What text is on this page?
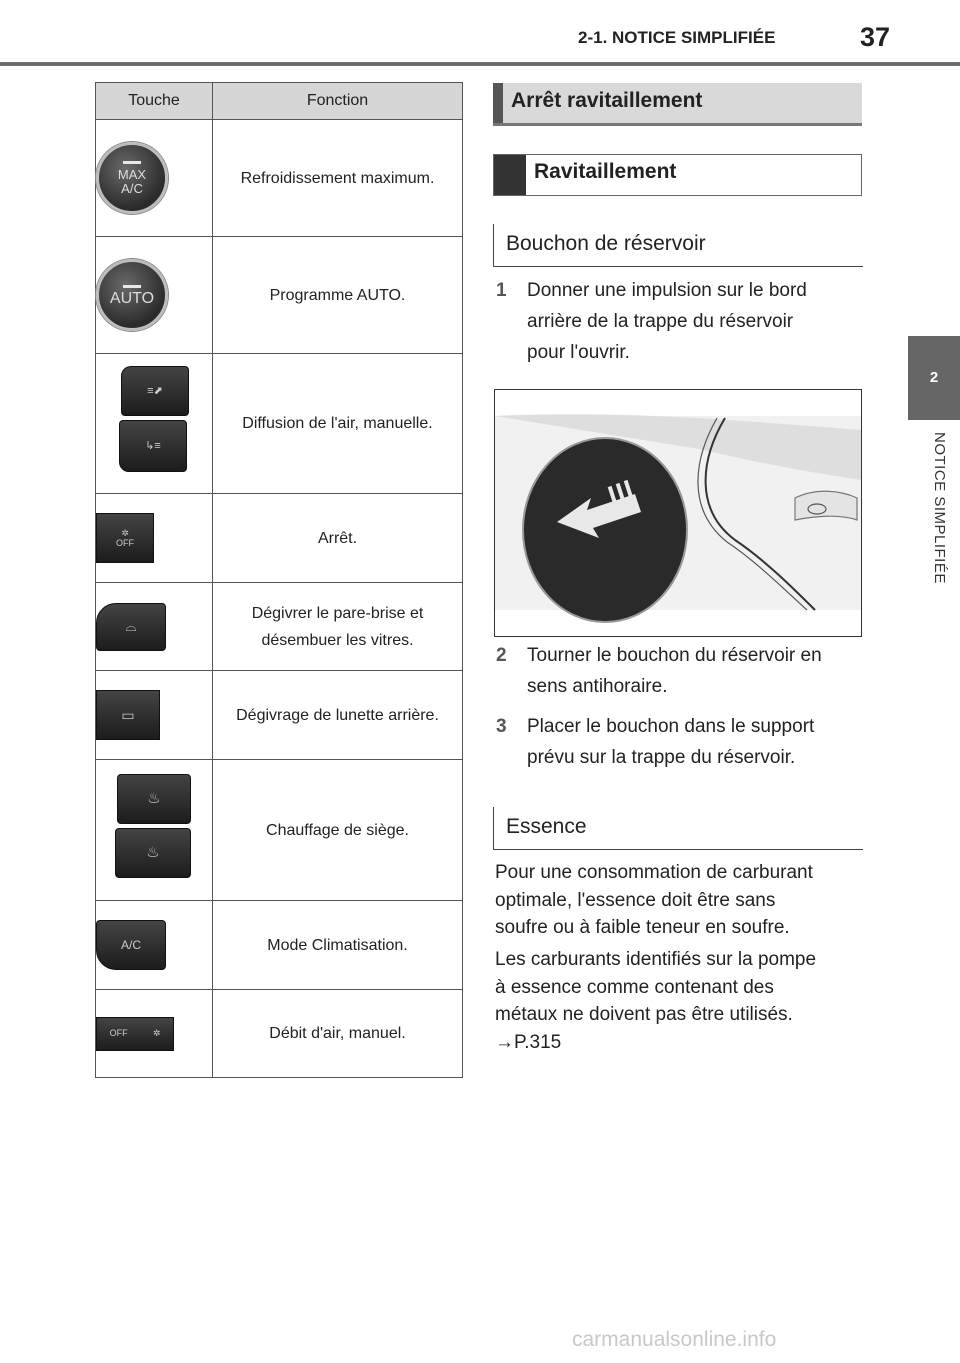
2-1. NOTICE SIMPLIFIÉE	37
2
NOTICE SIMPLIFIÉE
Touche	Fonction

MAX
A/C	Refroidissement maximum.

AUTO	Programme AUTO.

≡⬈
↳≡	Diffusion de l'air, manuelle.

✲
OFF	Arrêt.

⌓	Dégivrer le pare-brise et
désembuer les vitres.

▭	Dégivrage de lunette arrière.

♨
♨	Chauffage de siège.

A/C	Mode Climatisation.

OFF ✲	Débit d'air, manuel.
Arrêt ravitaillement
Ravitaillement
Bouchon de réservoir
1 Donner une impulsion sur le bord
arrière de la trappe du réservoir
pour l'ouvrir.
2 Tourner le bouchon du réservoir en
sens antihoraire.
3 Placer le bouchon dans le support
prévu sur la trappe du réservoir.
Essence
Pour une consommation de carburant
optimale, l'essence doit être sans
soufre ou à faible teneur en soufre.
Les carburants identifiés sur la pompe
à essence comme contenant des
métaux ne doivent pas être utilisés.
→P.315
carmanualsonline.info
